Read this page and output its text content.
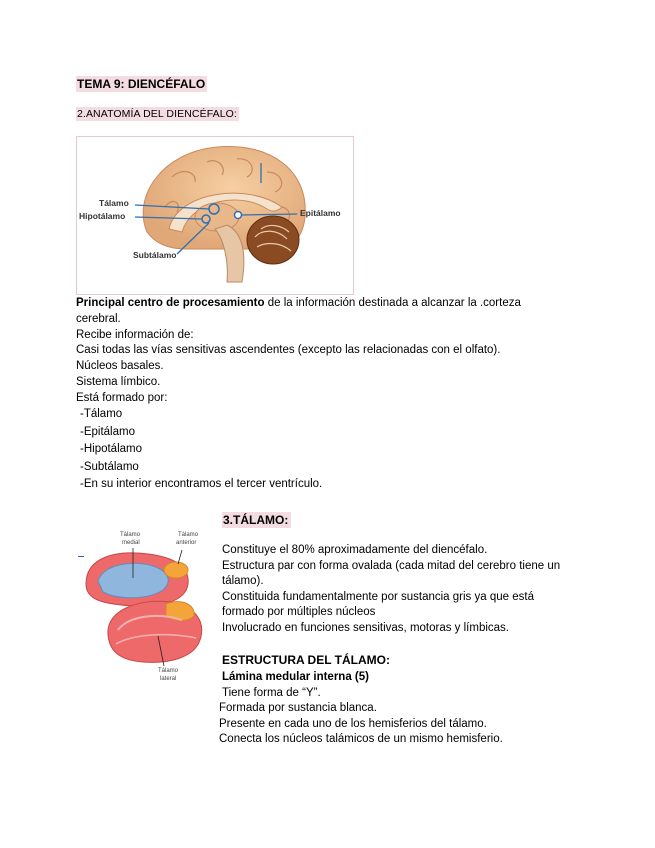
TEMA 9: DIENCÉFALO
2.ANATOMÍA DEL DIENCÉFALO:
Tálamo
Hipotálamo
Subtálamo
Epitálamo
Principal centro de procesamiento de la información destinada a alcanzar la .corteza
cerebral.
Recibe información de:
Casi todas las vías sensitivas ascendentes (excepto las relacionadas con el olfato).
Núcleos basales.
Sistema límbico.
Está formado por:
-Tálamo
-Epitálamo
-Hipotálamo
-Subtálamo
-En su interior encontramos el tercer ventrículo.
3.TÁLAMO:
Tálamo
medial
Tálamo
anterior
Tálamo
lateral
Constituye el 80% aproximadamente del diencéfalo.
Estructura par con forma ovalada (cada mitad del cerebro tiene un
tálamo).
Constituida fundamentalmente por sustancia gris ya que está
formado por múltiples núcleos
Involucrado en funciones sensitivas, motoras y límbicas.
ESTRUCTURA DEL TÁLAMO:
Lámina medular interna (5)
Tiene forma de “Y”.
Formada por sustancia blanca.
Presente en cada uno de los hemisferios del tálamo.
Conecta los núcleos talámicos de un mismo hemisferio.
